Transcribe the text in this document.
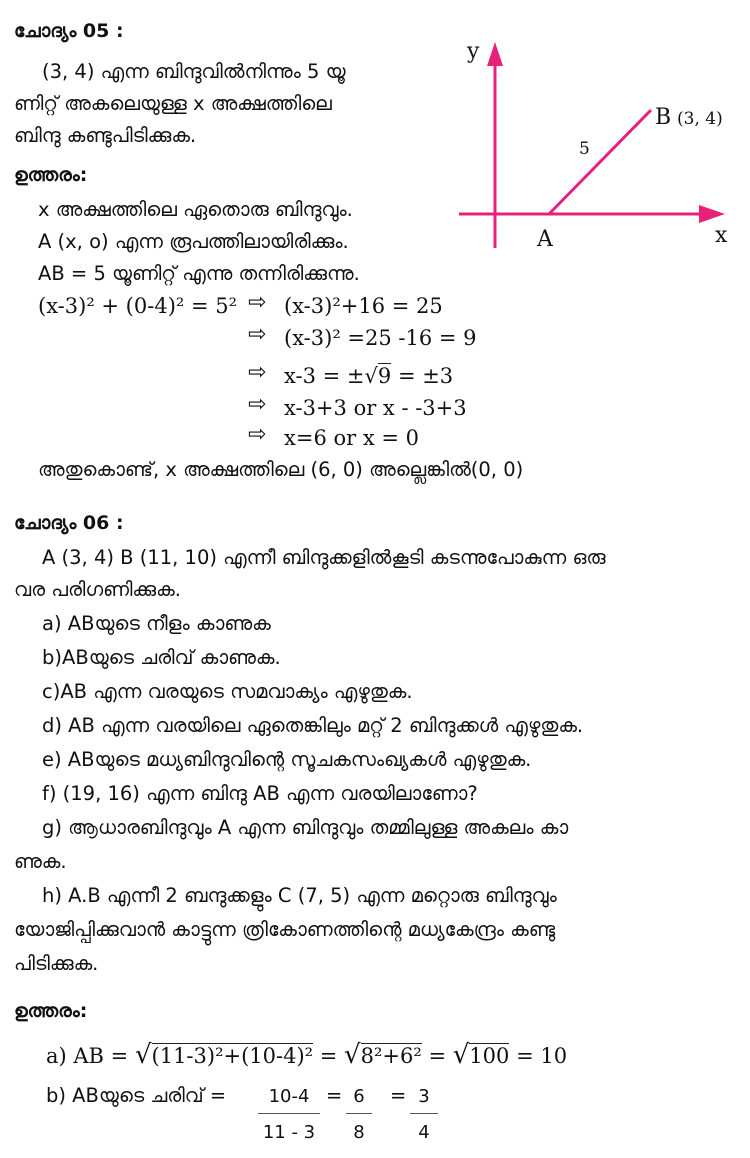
ചോദ്യം 05 :
(3, 4) എന്ന ബിന്ദുവിൽനിന്നും 5 യൂ
ണിറ്റ് അകലെയുള്ള x അക്ഷത്തിലെ
ബിന്ദു കണ്ടുപിടിക്കുക.
ഉത്തരം:
x അക്ഷത്തിലെ ഏതൊരു ബിന്ദുവും.
A (x, o) എന്ന രൂപത്തിലായിരിക്കും.
AB = 5 യൂണിറ്റ് എന്നു തന്നിരിക്കുന്നു.
(x-3)² + (0-4)² = 5² ⇨ (x-3)²+16 = 25
⇨ (x-3)² =25 -16 = 9
⇨ x-3 = ±√9 = ±3
⇨ x-3+3 or x - -3+3
⇨ x=6 or x = 0
അതുകൊണ്ട്, x അക്ഷത്തിലെ (6, 0) അല്ലെങ്കിൽ(0, 0)
y
x
A
B (3, 4)
5
ചോദ്യം 06 :
A (3, 4) B (11, 10) എന്നീ ബിന്ദുക്കളിൽകൂടി കടന്നുപോകുന്ന ഒരു
വര പരിഗണിക്കുക.
a) ABയുടെ നീളം കാണുക
b)ABയുടെ ചരിവ് കാണുക.
c)AB എന്ന വരയുടെ സമവാക്യം എഴുതുക.
d) AB എന്ന വരയിലെ ഏതെങ്കിലും മറ്റ് 2 ബിന്ദുക്കൾ എഴുതുക.
e) ABയുടെ മധ്യബിന്ദുവിന്റെ സൂചകസംഖ്യകൾ എഴുതുക.
f) (19, 16) എന്ന ബിന്ദു AB എന്ന വരയിലാണോ?
g) ആധാരബിന്ദുവും A എന്ന ബിന്ദുവും തമ്മിലുള്ള അകലം കാ
ണുക.
h) A.B എന്നീ 2 ബന്ദുക്കളും C (7, 5) എന്ന മറ്റൊരു ബിന്ദുവും
യോജിപ്പിക്കുവാൻ കാട്ടുന്ന ത്രികോണത്തിന്റെ മധ്യകേന്ദ്രം കണ്ടു
പിടിക്കുക.
ഉത്തരം:
a) AB = √(11-3)²+(10-4)² = √8²+6² = √100 = 10
b) ABയുടെ ചരിവ് = $\frac{10-4}{11 - 3} = \frac{6}{8} = \frac{3}{4}$
